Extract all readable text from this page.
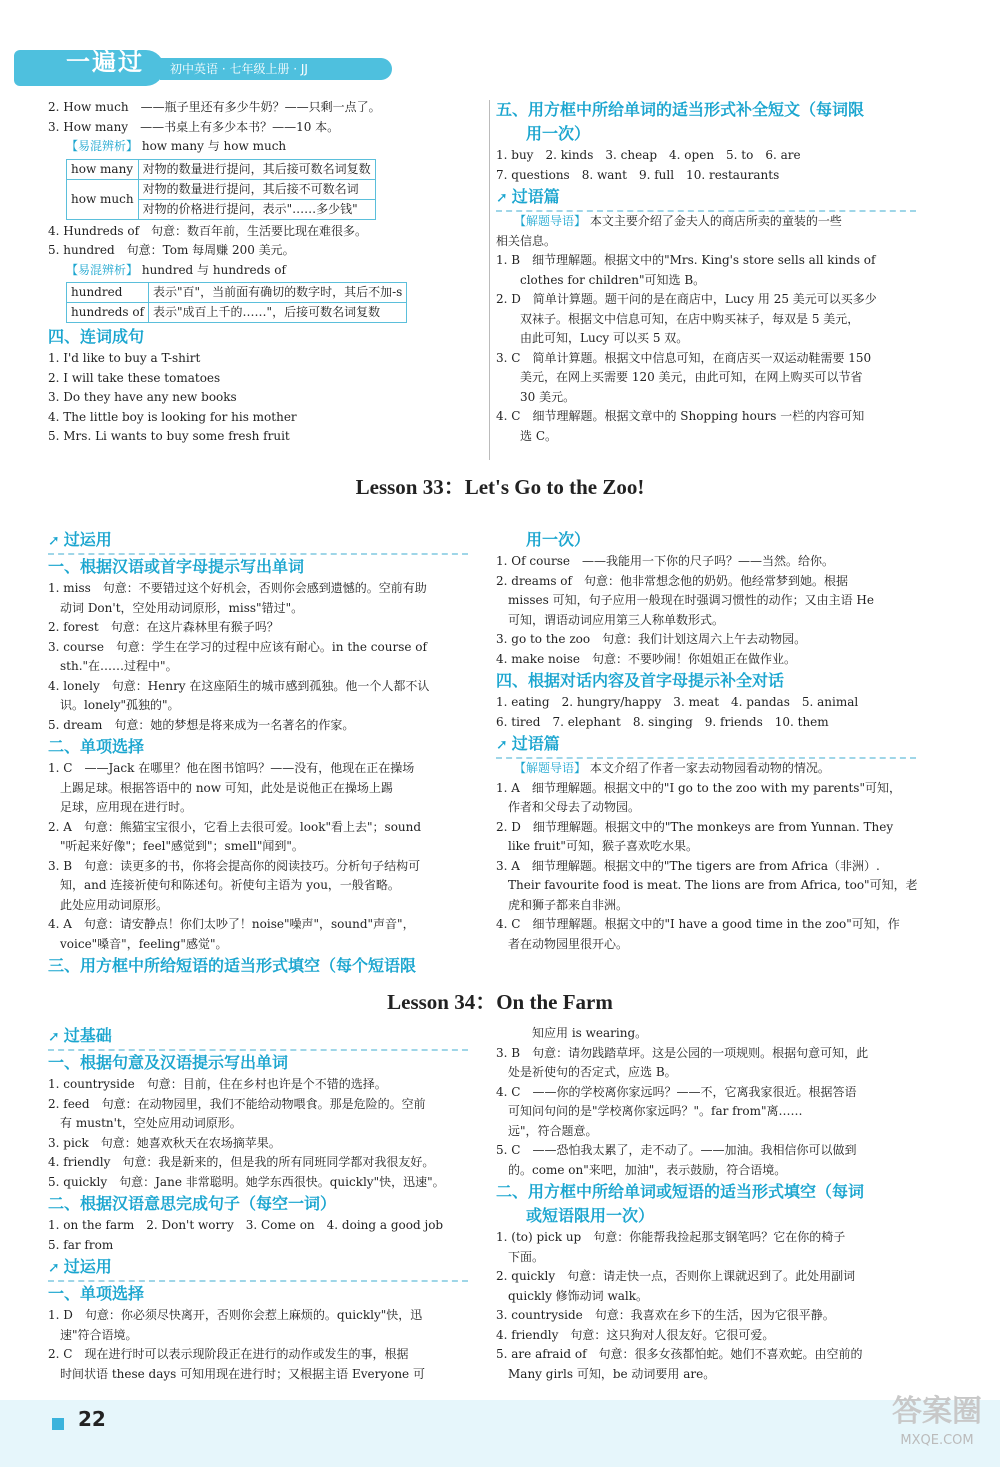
一遍过	初中英语 · 七年级上册 · JJ
2. How much　——瓶子里还有多少牛奶？——只剩一点了。
3. How many　——书桌上有多少本书？——10 本。
【易混辨析】 how many 与 how much
how many	对物的数量进行提问，其后接可数名词复数
how much	对物的数量进行提问，其后接不可数名词
	对物的价格进行提问，表示"……多少钱"
4. Hundreds of　句意：数百年前，生活要比现在难很多。
5. hundred　句意：Tom 每周赚 200 美元。
【易混辨析】 hundred 与 hundreds of
hundred	表示"百"，当前面有确切的数字时，其后不加-s
hundreds of	表示"成百上千的……"，后接可数名词复数
四、连词成句
1. I'd like to buy a T-shirt
2. I will take these tomatoes
3. Do they have any new books
4. The little boy is looking for his mother
5. Mrs. Li wants to buy some fresh fruit
五、用方框中所给单词的适当形式补全短文（每词限
用一次）
1. buy　2. kinds　3. cheap　4. open　5. to　6. are
7. questions　8. want　9. full　10. restaurants
➚ 过语篇
【解题导语】 本文主要介绍了金夫人的商店所卖的童装的一些
相关信息。
1. B　细节理解题。根据文中的"Mrs. King's store sells all kinds of
　　clothes for children"可知选 B。
2. D　简单计算题。题干问的是在商店中，Lucy 用 25 美元可以买多少
　　双袜子。根据文中信息可知，在店中购买袜子，每双是 5 美元，
　　由此可知，Lucy 可以买 5 双。
3. C　简单计算题。根据文中信息可知，在商店买一双运动鞋需要 150
　　美元，在网上买需要 120 美元，由此可知，在网上购买可以节省
　　30 美元。
4. C　细节理解题。根据文章中的 Shopping hours 一栏的内容可知
　　选 C。
Lesson 33：Let's Go to the Zoo!
➚ 过运用
一、根据汉语或首字母提示写出单词
1. miss　句意：不要错过这个好机会，否则你会感到遗憾的。空前有助
　动词 Don't，空处用动词原形，miss"错过"。
2. forest　句意：在这片森林里有猴子吗？
3. course　句意：学生在学习的过程中应该有耐心。in the course of
　sth."在……过程中"。
4. lonely　句意：Henry 在这座陌生的城市感到孤独。他一个人都不认
　识。lonely"孤独的"。
5. dream　句意：她的梦想是将来成为一名著名的作家。
二、单项选择
1. C　——Jack 在哪里？他在图书馆吗？——没有，他现在正在操场
　上踢足球。根据答语中的 now 可知，此处是说他正在操场上踢
　足球，应用现在进行时。
2. A　句意：熊猫宝宝很小，它看上去很可爱。look"看上去"；sound
　"听起来好像"；feel"感觉到"；smell"闻到"。
3. B　句意：读更多的书，你将会提高你的阅读技巧。分析句子结构可
　知，and 连接祈使句和陈述句。祈使句主语为 you，一般省略。
　此处应用动词原形。
4. A　句意：请安静点！你们太吵了！noise"噪声"，sound"声音"，
　voice"嗓音"，feeling"感觉"。
三、用方框中所给短语的适当形式填空（每个短语限
用一次）
1. Of course　——我能用一下你的尺子吗？——当然。给你。
2. dreams of　句意：他非常想念他的奶奶。他经常梦到她。根据
　misses 可知，句子应用一般现在时强调习惯性的动作；又由主语 He
　可知，谓语动词应用第三人称单数形式。
3. go to the zoo　句意：我们计划这周六上午去动物园。
4. make noise　句意：不要吵闹！你姐姐正在做作业。
四、根据对话内容及首字母提示补全对话
1. eating　2. hungry/happy　3. meat　4. pandas　5. animal
6. tired　7. elephant　8. singing　9. friends　10. them
➚ 过语篇
【解题导语】 本文介绍了作者一家去动物园看动物的情况。
1. A　细节理解题。根据文中的"I go to the zoo with my parents"可知，
　作者和父母去了动物园。
2. D　细节理解题。根据文中的"The monkeys are from Yunnan. They
　like fruit"可知，猴子喜欢吃水果。
3. A　细节理解题。根据文中的"The tigers are from Africa（非洲）.
　Their favourite food is meat. The lions are from Africa, too"可知，老
　虎和狮子都来自非洲。
4. C　细节理解题。根据文中的"I have a good time in the zoo"可知，作
　者在动物园里很开心。
Lesson 34：On the Farm
➚ 过基础
一、根据句意及汉语提示写出单词
1. countryside　句意：目前，住在乡村也许是个不错的选择。
2. feed　句意：在动物园里，我们不能给动物喂食。那是危险的。空前
　有 mustn't，空处应用动词原形。
3. pick　句意：她喜欢秋天在农场摘苹果。
4. friendly　句意：我是新来的，但是我的所有同班同学都对我很友好。
5. quickly　句意：Jane 非常聪明。她学东西很快。quickly"快，迅速"。
二、根据汉语意思完成句子（每空一词）
1. on the farm　2. Don't worry　3. Come on　4. doing a good job
5. far from
➚ 过运用
一、单项选择
1. D　句意：你必须尽快离开，否则你会惹上麻烦的。quickly"快，迅
　速"符合语境。
2. C　现在进行时可以表示现阶段正在进行的动作或发生的事，根据
　时间状语 these days 可知用现在进行时；又根据主语 Everyone 可
知应用 is wearing。
3. B　句意：请勿践踏草坪。这是公园的一项规则。根据句意可知，此
　处是祈使句的否定式，应选 B。
4. C　——你的学校离你家远吗？——不，它离我家很近。根据答语
　可知问句问的是"学校离你家远吗？"。far from"离……
　远"，符合题意。
5. C　——恐怕我太累了，走不动了。——加油。我相信你可以做到
　的。come on"来吧，加油"，表示鼓励，符合语境。
二、用方框中所给单词或短语的适当形式填空（每词
或短语限用一次）
1. (to) pick up　句意：你能帮我捡起那支钢笔吗？它在你的椅子
　下面。
2. quickly　句意：请走快一点，否则你上课就迟到了。此处用副词
　quickly 修饰动词 walk。
3. countryside　句意：我喜欢在乡下的生活，因为它很平静。
4. friendly　句意：这只狗对人很友好。它很可爱。
5. are afraid of　句意：很多女孩都怕蛇。她们不喜欢蛇。由空前的
　Many girls 可知，be 动词要用 are。
22	答案圈
MXQE.COM
